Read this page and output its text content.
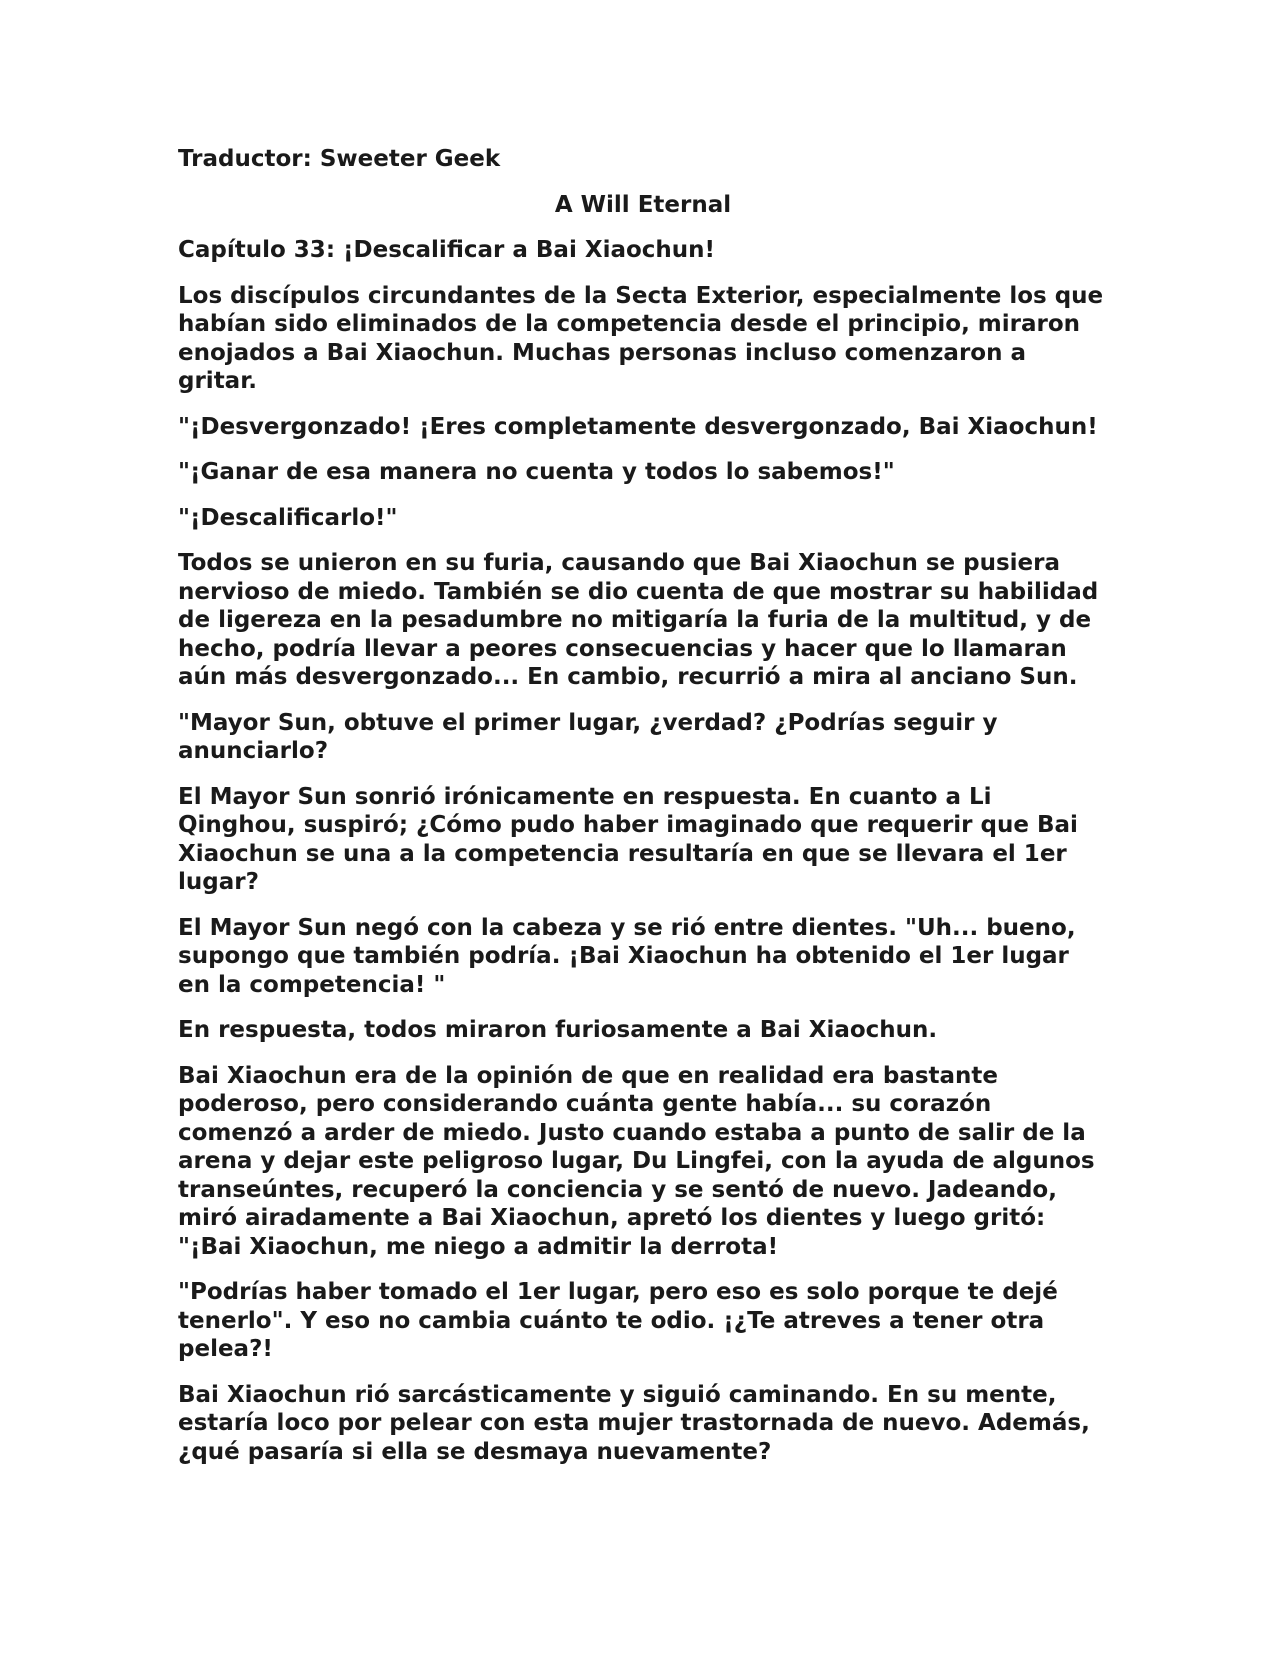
Traductor: Sweeter Geek

A Will Eternal

Capítulo 33: ¡Descalificar a Bai Xiaochun!

Los discípulos circundantes de la Secta Exterior, especialmente los que habían sido eliminados de la competencia desde el principio, miraron enojados a Bai Xiaochun. Muchas personas incluso comenzaron a gritar.

"¡Desvergonzado! ¡Eres completamente desvergonzado, Bai Xiaochun!

"¡Ganar de esa manera no cuenta y todos lo sabemos!"

"¡Descalificarlo!"

Todos se unieron en su furia, causando que Bai Xiaochun se pusiera nervioso de miedo. También se dio cuenta de que mostrar su habilidad de ligereza en la pesadumbre no mitigaría la furia de la multitud, y de hecho, podría llevar a peores consecuencias y hacer que lo llamaran aún más desvergonzado... En cambio, recurrió a mira al anciano Sun.

"Mayor Sun, obtuve el primer lugar, ¿verdad? ¿Podrías seguir y anunciarlo?

El Mayor Sun sonrió irónicamente en respuesta. En cuanto a Li Qinghou, suspiró; ¿Cómo pudo haber imaginado que requerir que Bai Xiaochun se una a la competencia resultaría en que se llevara el 1er lugar?

El Mayor Sun negó con la cabeza y se rió entre dientes. "Uh... bueno, supongo que también podría. ¡Bai Xiaochun ha obtenido el 1er lugar en la competencia! "

En respuesta, todos miraron furiosamente a Bai Xiaochun.

Bai Xiaochun era de la opinión de que en realidad era bastante poderoso, pero considerando cuánta gente había... su corazón comenzó a arder de miedo. Justo cuando estaba a punto de salir de la arena y dejar este peligroso lugar, Du Lingfei, con la ayuda de algunos transeúntes, recuperó la conciencia y se sentó de nuevo. Jadeando, miró airadamente a Bai Xiaochun, apretó los dientes y luego gritó: "¡Bai Xiaochun, me niego a admitir la derrota!

"Podrías haber tomado el 1er lugar, pero eso es solo porque te dejé tenerlo". Y eso no cambia cuánto te odio. ¡¿Te atreves a tener otra pelea?!

Bai Xiaochun rió sarcásticamente y siguió caminando. En su mente, estaría loco por pelear con esta mujer trastornada de nuevo. Además, ¿qué pasaría si ella se desmaya nuevamente?
